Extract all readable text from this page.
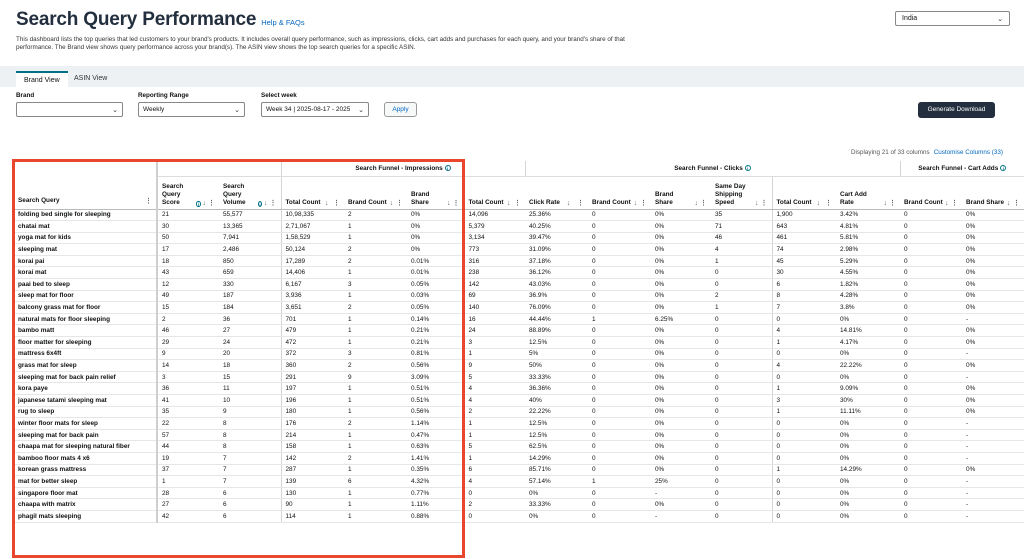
Search Query Performance Help & FAQs
This dashboard lists the top queries that led customers to your brand's products. It includes overall query performance, such as impressions, clicks, cart adds and purchases for each query, and your brand's share of that performance. The Brand view shows query performance across your brand(s). The ASIN view shows the top search queries for a specific ASIN.
India	⌄
Brand View	ASIN View
Brand
⌄
Reporting Range
Weekly	⌄
Select week
Week 34 | 2025-08-17 - 2025 ⌄	Apply	Generate Download
Displaying 21 of 33 columns Customise Columns (33)
Search Query ⋮			Search Funnel - Impressions i				Search Funnel - Clicks i						Search Funnel - Cart Adds i	

	Search Query Score i ↓ ⋮	Search Query Volume i ↓ ⋮	Total Count ↓ ⋮	Brand Count ↓ ⋮	Brand Share ↓ ⋮	Total Count ↓ ⋮	Click Rate ↓ ⋮	Brand Count ↓ ⋮	Brand Share ↓ ⋮	Same Day Shipping Speed ↓ ⋮	Total Count ↓ ⋮	Cart Add Rate ↓ ⋮	Brand Count ↓ ⋮	Brand Share ↓ ⋮

folding bed single for sleeping	21	55,577	10,98,335	2	0%	14,096	25.36%	0	0%	35	1,900	3.42%	0	0%
chatai mat	30	13,365	2,71,067	1	0%	5,379	40.25%	0	0%	71	643	4.81%	0	0%
yoga mat for kids	50	7,941	1,58,529	1	0%	3,134	39.47%	0	0%	46	461	5.81%	0	0%
sleeping mat	17	2,486	50,124	2	0%	773	31.09%	0	0%	4	74	2.98%	0	0%
korai pai	18	850	17,289	2	0.01%	316	37.18%	0	0%	1	45	5.29%	0	0%
korai mat	43	659	14,406	1	0.01%	238	36.12%	0	0%	0	30	4.55%	0	0%
paai bed to sleep	12	330	6,167	3	0.05%	142	43.03%	0	0%	0	6	1.82%	0	0%
sleep mat for floor	49	187	3,936	1	0.03%	69	36.9%	0	0%	2	8	4.28%	0	0%
balcony grass mat for floor	15	184	3,651	2	0.05%	140	76.09%	0	0%	1	7	3.8%	0	0%
natural mats for floor sleeping	2	36	701	1	0.14%	16	44.44%	1	6.25%	0	0	0%	0	-
bambo matt	46	27	479	1	0.21%	24	88.89%	0	0%	0	4	14.81%	0	0%
floor matter for sleeping	29	24	472	1	0.21%	3	12.5%	0	0%	0	1	4.17%	0	0%
mattress 6x4ft	9	20	372	3	0.81%	1	5%	0	0%	0	0	0%	0	-
grass mat for sleep	14	18	360	2	0.56%	9	50%	0	0%	0	4	22.22%	0	0%
sleeping mat for back pain relief	3	15	291	9	3.09%	5	33.33%	0	0%	0	0	0%	0	-
kora paye	36	11	197	1	0.51%	4	36.36%	0	0%	0	1	9.09%	0	0%
japanese tatami sleeping mat	41	10	196	1	0.51%	4	40%	0	0%	0	3	30%	0	0%
rug to sleep	35	9	180	1	0.56%	2	22.22%	0	0%	0	1	11.11%	0	0%
winter floor mats for sleep	22	8	176	2	1.14%	1	12.5%	0	0%	0	0	0%	0	-
sleeping mat for back pain	57	8	214	1	0.47%	1	12.5%	0	0%	0	0	0%	0	-
chaapa mat for sleeping natural fiber	44	8	158	1	0.63%	5	62.5%	0	0%	0	0	0%	0	-
bamboo floor mats 4 x6	19	7	142	2	1.41%	1	14.29%	0	0%	0	0	0%	0	-
korean grass mattress	37	7	287	1	0.35%	6	85.71%	0	0%	0	1	14.29%	0	0%
mat for better sleep	1	7	139	6	4.32%	4	57.14%	1	25%	0	0	0%	0	-
singapore floor mat	28	6	130	1	0.77%	0	0%	0	-	0	0	0%	0	-
chaapa with matrix	27	6	90	1	1.11%	2	33.33%	0	0%	0	0	0%	0	-
phagil mats sleeping	42	6	114	1	0.88%	0	0%	0	-	0	0	0%	0	-
